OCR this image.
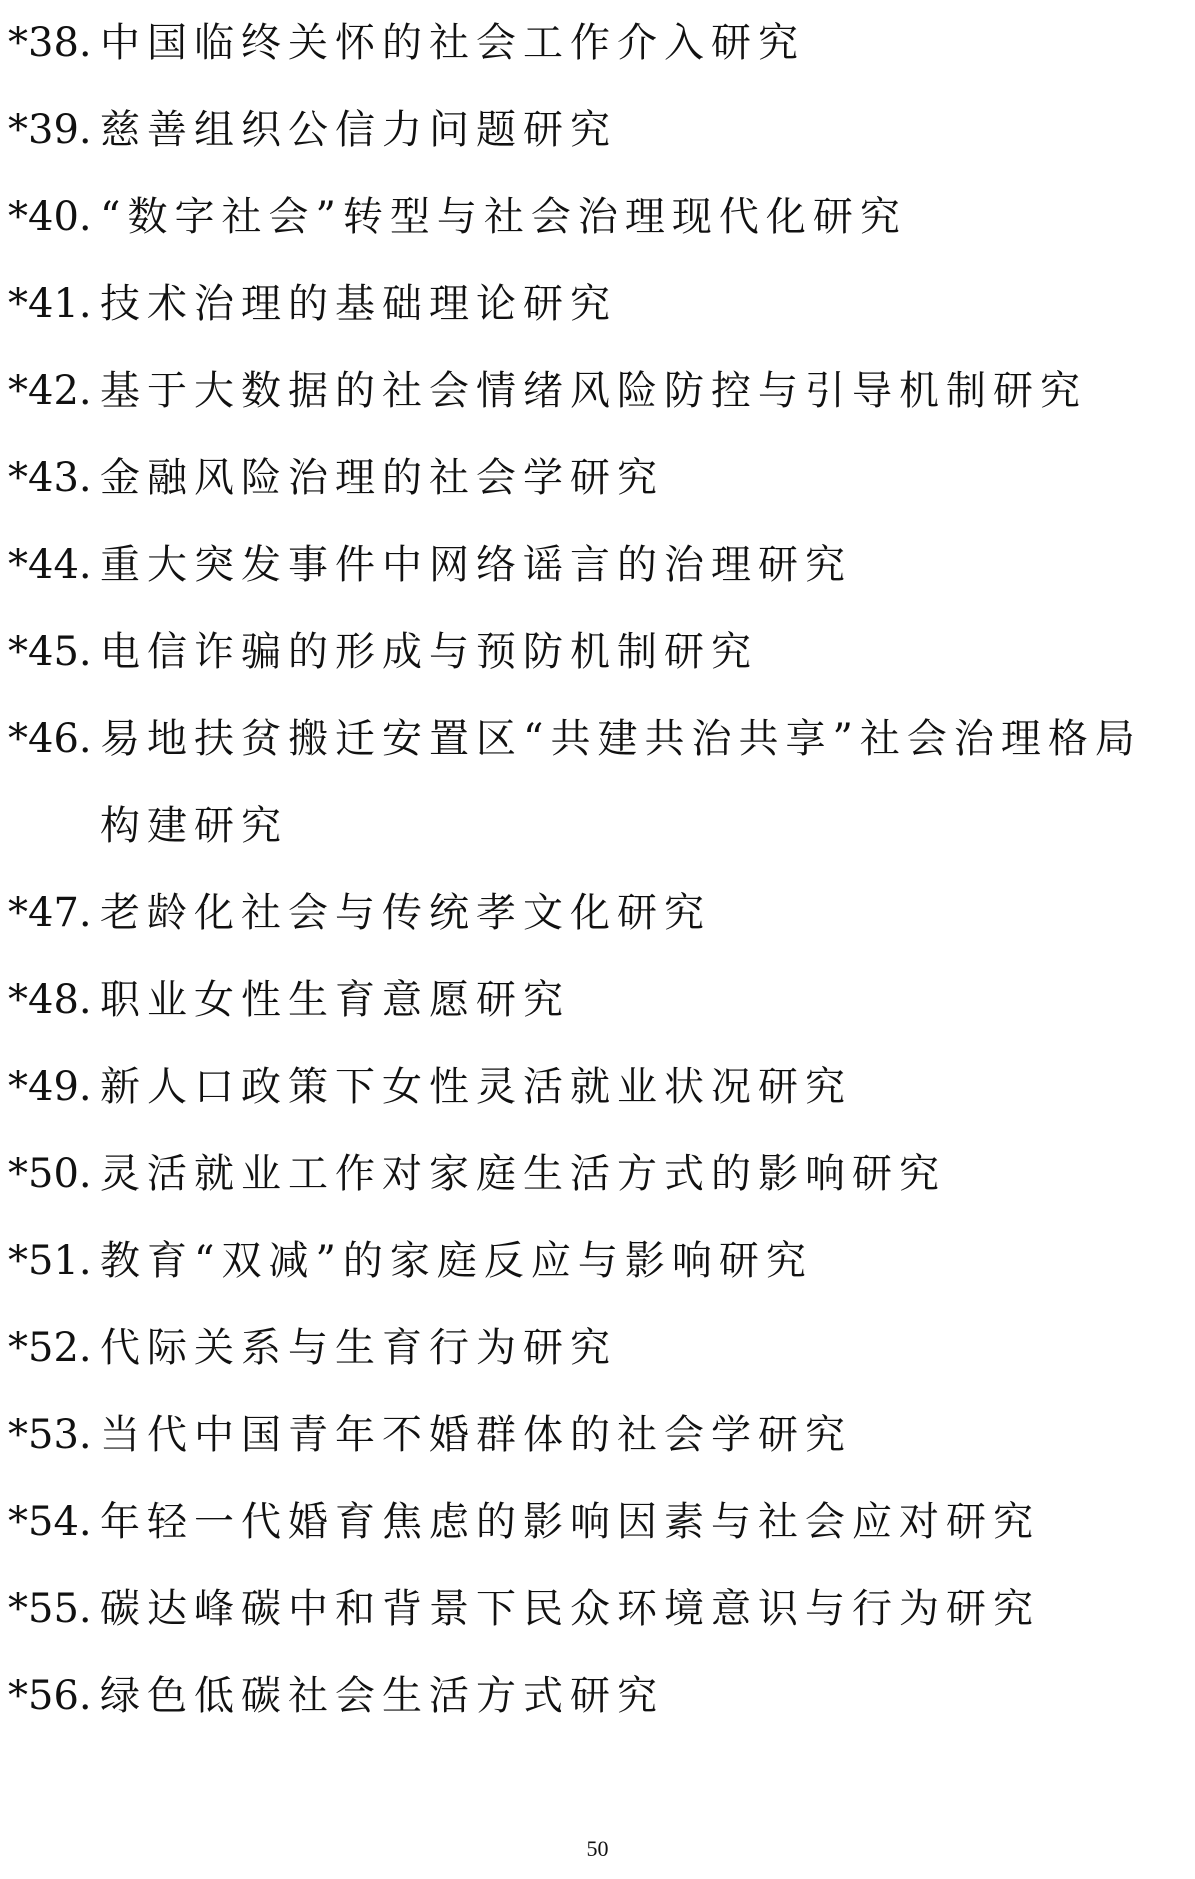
*38. 中国临终关怀的社会工作介入研究
*39. 慈善组织公信力问题研究
*40. “数字社会”转型与社会治理现代化研究
*41. 技术治理的基础理论研究
*42. 基于大数据的社会情绪风险防控与引导机制研究
*43. 金融风险治理的社会学研究
*44. 重大突发事件中网络谣言的治理研究
*45. 电信诈骗的形成与预防机制研究
*46. 易地扶贫搬迁安置区“共建共治共享”社会治理格局构建研究
*47. 老龄化社会与传统孝文化研究
*48. 职业女性生育意愿研究
*49. 新人口政策下女性灵活就业状况研究
*50. 灵活就业工作对家庭生活方式的影响研究
*51. 教育“双减”的家庭反应与影响研究
*52. 代际关系与生育行为研究
*53. 当代中国青年不婚群体的社会学研究
*54. 年轻一代婚育焦虑的影响因素与社会应对研究
*55. 碳达峰碳中和背景下民众环境意识与行为研究
*56. 绿色低碳社会生活方式研究
50
